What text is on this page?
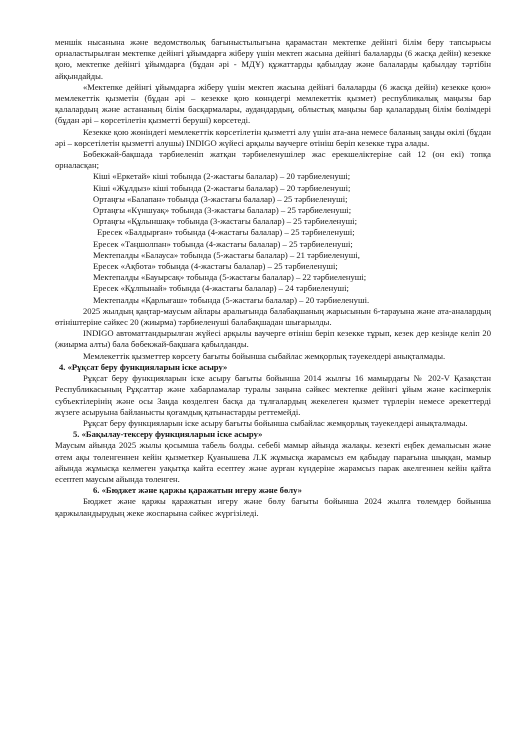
меншік нысанына және ведомстволық бағыныстылығына қарамастан мектепке дейінгі білім беру тапсырысы орналастырылған мектепке дейінгі ұйымдарға жіберу үшін мектеп жасына дейінгі балаларды (6 жасқа дейін) кезекке қою, мектепке дейінгі ұйымдарға (бұдан әрі - МДҰ) құжаттарды қабылдау және балаларды қабылдау тәртібін айқындайды.

«Мектепке дейінгі ұйымдарға жіберу үшін мектеп жасына дейінгі балаларды (6 жасқа дейін) кезекке қою» мемлекеттік қызметін (бұдан әрі – кезекке қою көнндегрі мемлекеттік қызмет) республикалық маңызы бар қалалардың және астананың білім басқармалары, аудандардың, облыстық маңызы бар қалалардың білім бөлімдері (бұдан әрі – көрсетілетін қызметті беруші) көрсетеді.

Кезекке қою жөніндегі мемлекеттік көрсетілетін қызметті алу үшін ата-ана немесе баланың заңды өкілі (бұдан әрі – көрсетілетін қызметті алушы) INDIGO жүйесі арқылы ваучерге өтініш беріп кезекке тұра алады.

Бөбекжай-бақшада тәрбиеленіп жатқан тәрбиеленушілер жас ерекшеліктеріне сай 12 (он екі) топқа орналасқан;

Кіші «Еркетай» кіші тобында (2-жастағы балалар) – 20 тәрбиеленуші;

Кіші «Жұлдыз» кіші тобында (2-жастағы балалар) – 20 тәрбиеленуші;

Ортаңғы «Балапан» тобында (3-жастағы балалар) – 25 тәрбиеленуші;

Ортаңғы «Күншуақ» тобында (3-жастағы балалар) – 25 тәрбиеленуші;

Ортаңғы «Құлыншақ» тобында (3-жастағы балалар) – 25 тәрбиеленуші;

Ересек «Балдырған» тобында (4-жастағы балалар) – 25 тәрбиеленуші;

Ересек «Таңшолпан» тобында (4-жастағы балалар) – 25 тәрбиеленуші;

Мектепалды «Балауса» тобында (5-жастағы балалар) – 21 тәрбиеленуші,

Ересек «Ақбота» тобында (4-жастағы балалар) – 25 тәрбиеленуші;

Мектепалды «Бауырсақ» тобында (5-жастағы балалар) – 22 тәрбиеленуші;

Ересек «Құлпынай» тобында (4-жастағы балалар) – 24 тәрбиеленуші;

Мектепалды «Қарлығаш» тобында (5-жастағы балалар) – 20 тәрбиеленуші.

2025 жылдың қаңтар-маусым айлары аралығында балабақшаның жарысынын 6-тарауына және ата-аналардың өтініштеріне сәйкес 20 (жиырма) тәрбиеленуші балабақшадан шығарылды.

INDIGO автоматтандырылған жүйесі арқылы ваучерге өтініш беріп кезекке тұрып, кезек дер кезінде келіп 20 (жиырма алты) бала бөбекжай-бақшаға қабылданды.

Мемлекеттік қызметтер көрсету бағыты бойынша сыбайлас жемқорлық тәуекелдері анықталмады.

4. «Рұқсат беру функцияларын іске асыру»

Рұқсат беру функцияларын іске асыру бағыты бойынша 2014 жылғы 16 мамырдағы № 202-V Қазақстан Республикасының Рұқсаттар және хабарламалар туралы заңына сәйкес мектепке дейінгі ұйым және кәсіпкерлік субъектілерінің және осы Заңда көзделген басқа да тұлғалардың жекелеген қызмет түрлерін немесе әрекеттерді жүзеге асыруына байланысты қоғамдық қатынастарды реттемейді.

Рұқсат беру функцияларын іске асыру бағыты бойынша сыбайлас жемқорлық тәуекелдері анықталмады.

5. «Бақылау-тексеру функцияларын іске асыру»

Маусым айында 2025 жылы қосымша табель болды. себебі мамыр айында жалақы. кезекті еңбек демалысын және өтем ақы төленгеннен кейін қызметкер Қуанышева Л.К жұмысқа жарамсыз ем қабыдау парағына шыққан, мамыр айында жұмысқа келмеген уақытқа кайта есептеу және аурған күндеріне жарамсыз парак акелгеннен кейін қайта есептеп маусым айында төленген.

6. «Бюджет және қаржы қаражатын игеру және бөлу»

Бюджет және қаржы қаражатын игеру және бөлу бағыты бойынша 2024 жылға төлемдер бойынша қаржыландырудың жеке жоспарына сәйкес жүргізіледі.
